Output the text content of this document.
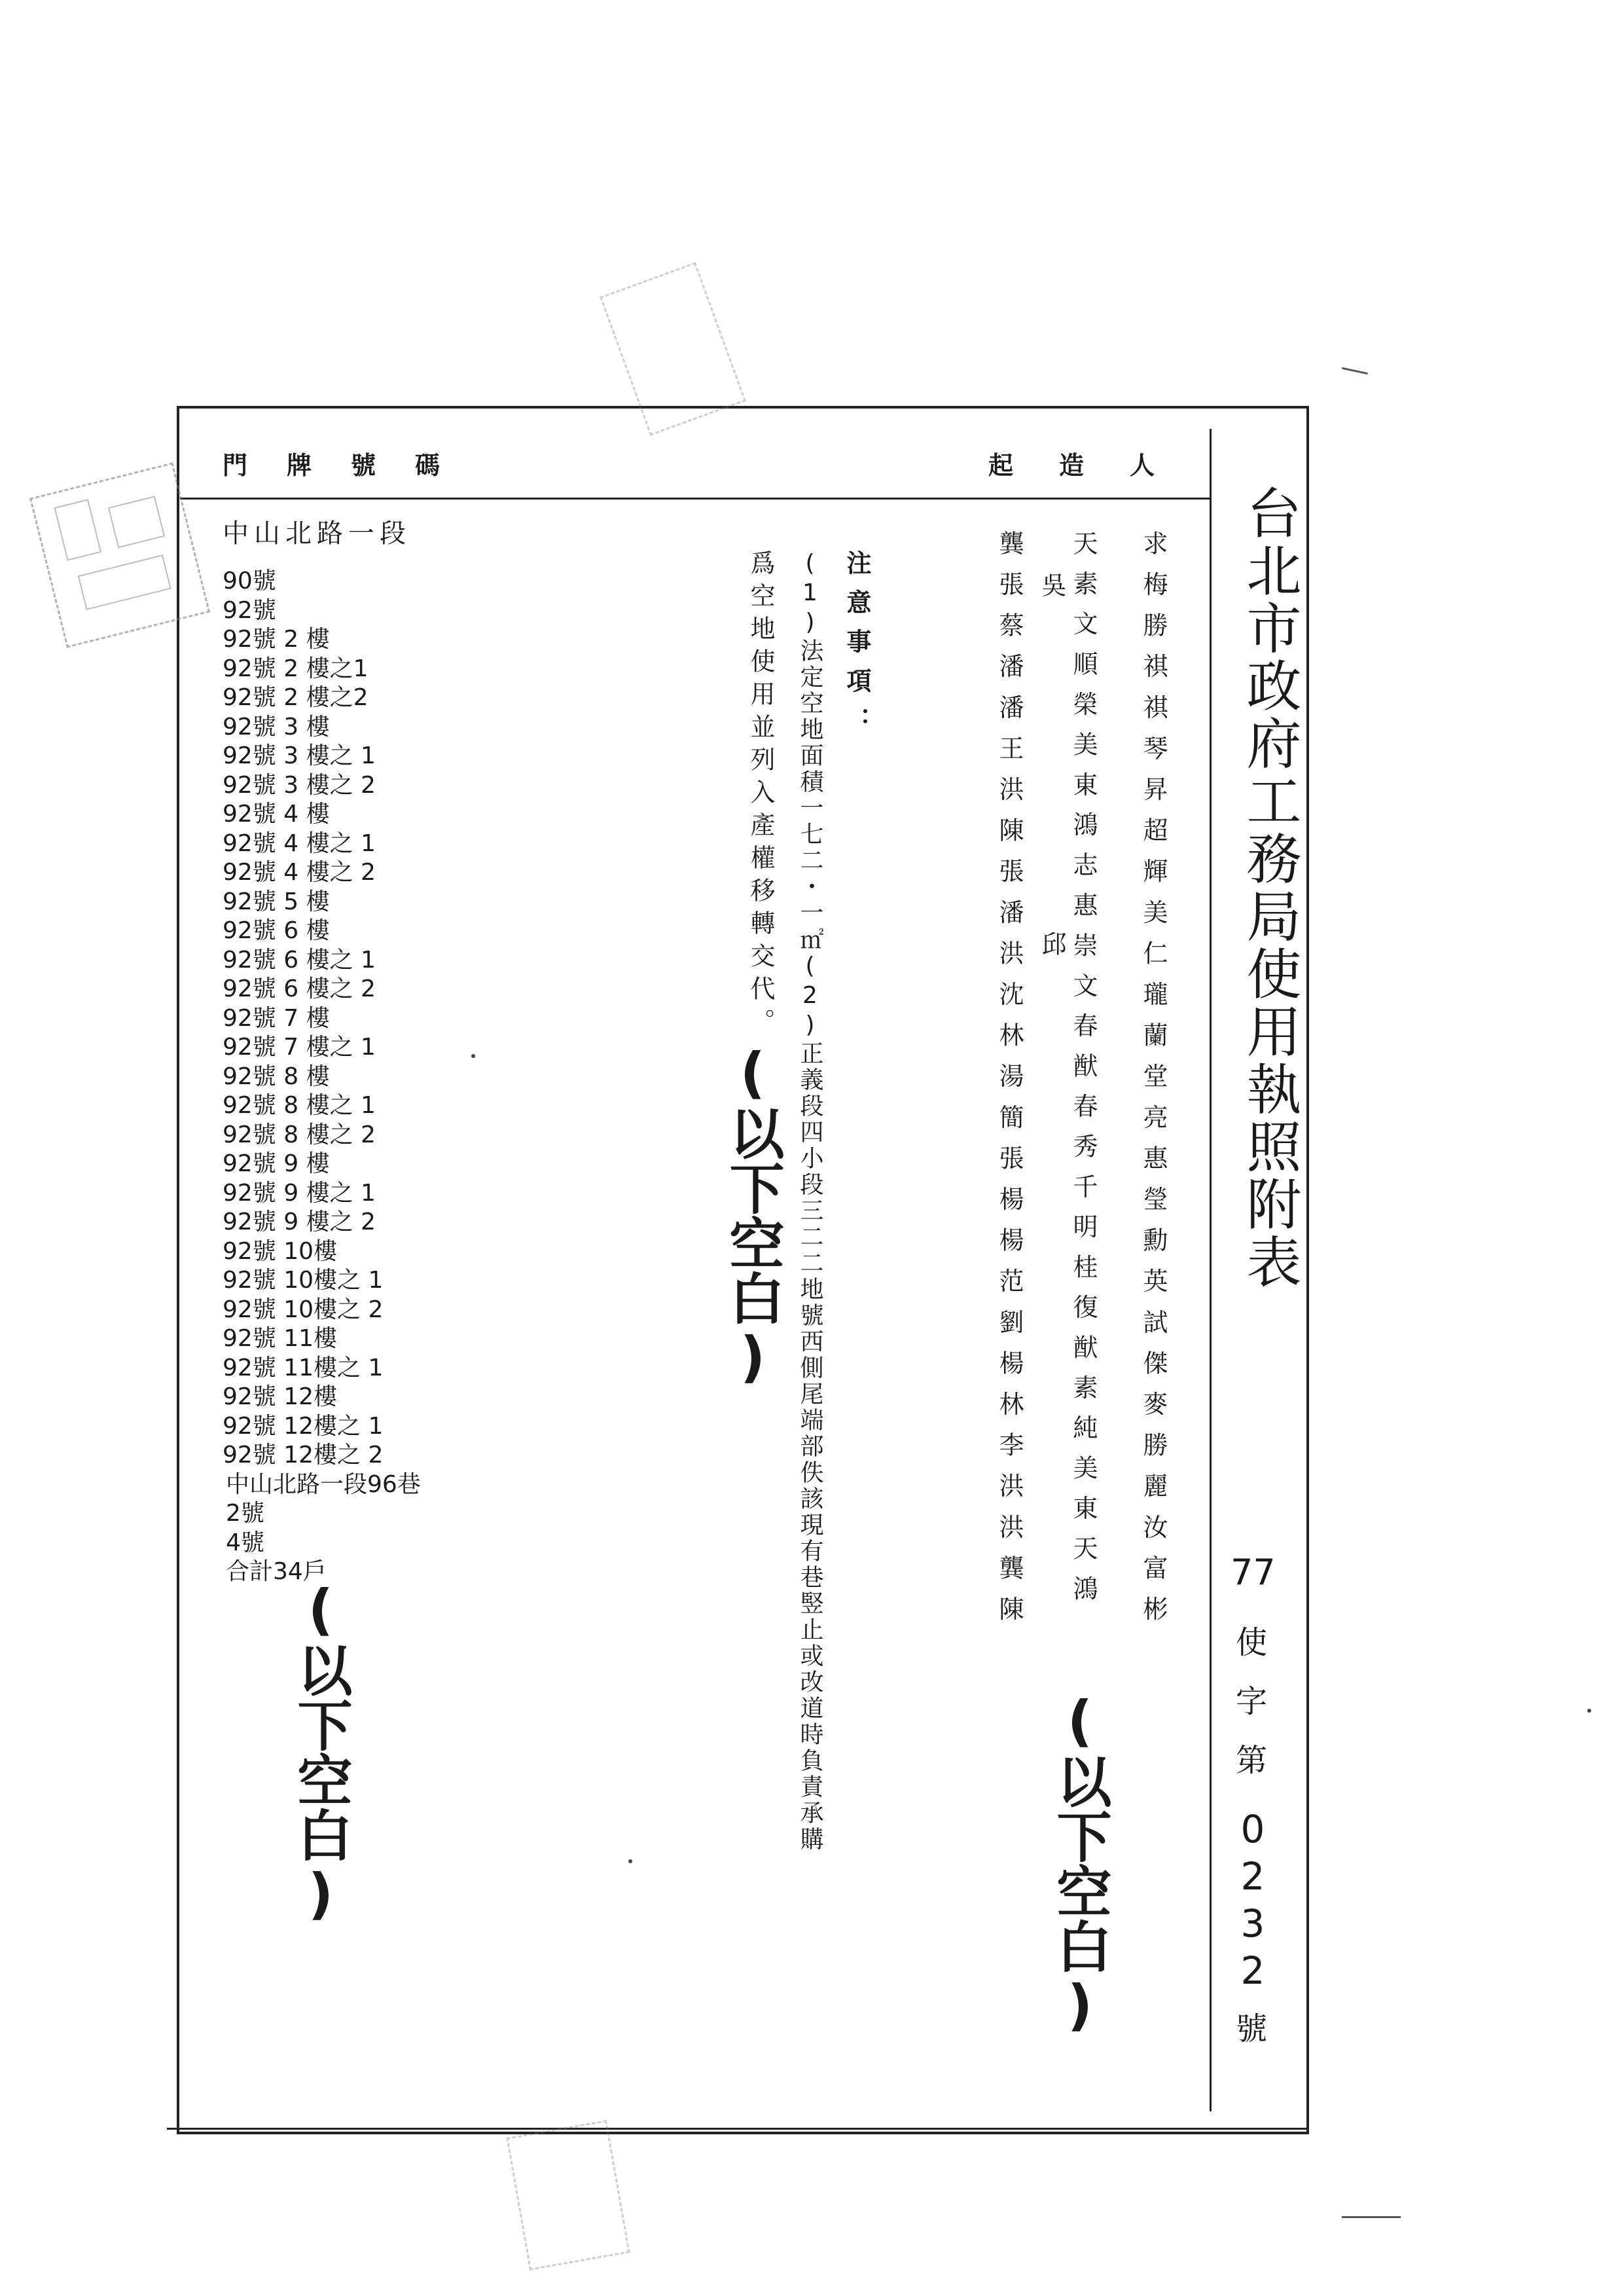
台北市政府工務局使用執照附表
77
使
字
第
0232
號
門牌號碼	起造人
中山北路一段
90號
92號
92號 2 樓
92號 2 樓之1
92號 2 樓之2
92號 3 樓
92號 3 樓之 1
92號 3 樓之 2
92號 4 樓
92號 4 樓之 1
92號 4 樓之 2
92號 5 樓
92號 6 樓
92號 6 樓之 1
92號 6 樓之 2
92號 7 樓
92號 7 樓之 1
92號 8 樓
92號 8 樓之 1
92號 8 樓之 2
92號 9 樓
92號 9 樓之 1
92號 9 樓之 2
92號 10樓
92號 10樓之 1
92號 10樓之 2
92號 11樓
92號 11樓之 1
92號 12樓
92號 12樓之 1
92號 12樓之 2
中山北路一段96巷
2號
4號
合計34戶
(以下空白)
注意事項：
(1)法定空地面積一七二・一㎡(2)正義段四小段三二二地號西側尾端部佚該現有巷竪止或改道時負責承購
爲空地使用並列入產權移轉交代。
(以下空白)	求梅勝祺祺琴昇超輝美仁瓏蘭堂亮惠瑩勳英試傑麥勝麗汝富彬
天素文順榮美東鴻志惠崇文春猷春秀千明桂復猷素純美東天鴻
吳
邱
龔張蔡潘潘王洪陳張潘洪沈林湯簡張楊楊范劉楊林李洪洪龔陳
(以下空白)
